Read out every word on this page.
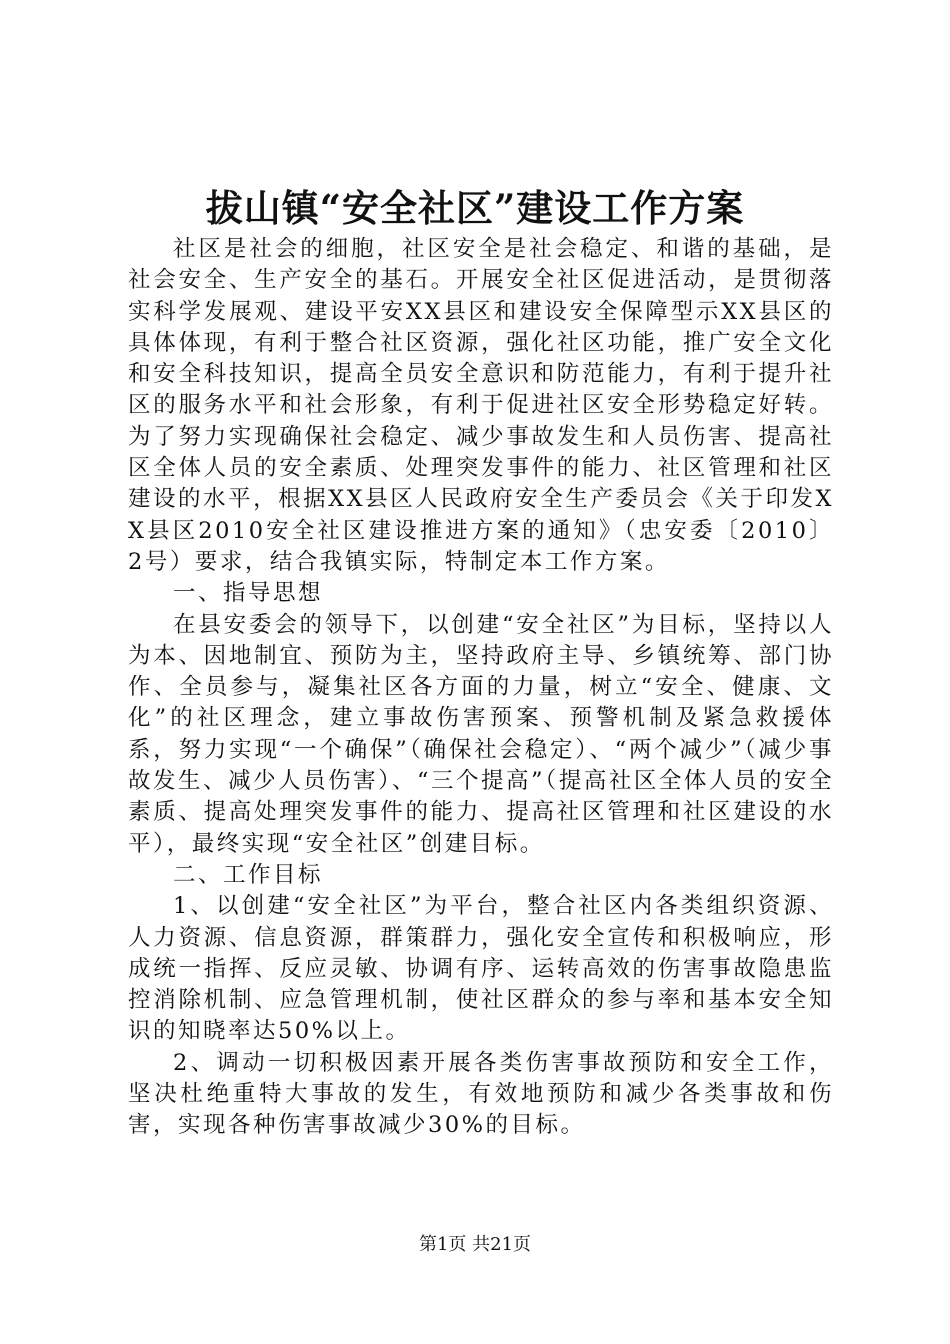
拔山镇“安全社区”建设工作方案

社区是社会的细胞，社区安全是社会稳定、和谐的基础，是社会安全、生产安全的基石。开展安全社区促进活动，是贯彻落实科学发展观、建设平安XX县区和建设安全保障型示XX县区的具体体现，有利于整合社区资源，强化社区功能，推广安全文化和安全科技知识，提高全员安全意识和防范能力，有利于提升社区的服务水平和社会形象，有利于促进社区安全形势稳定好转。为了努力实现确保社会稳定、减少事故发生和人员伤害、提高社区全体人员的安全素质、处理突发事件的能力、社区管理和社区建设的水平，根据XX县区人民政府安全生产委员会《关于印发XX县区2010安全社区建设推进方案的通知》（忠安委〔2010〕2号）要求，结合我镇实际，特制定本工作方案。

一、指导思想

在县安委会的领导下，以创建“安全社区”为目标，坚持以人为本、因地制宜、预防为主，坚持政府主导、乡镇统筹、部门协作、全员参与，凝集社区各方面的力量，树立“安全、健康、文化”的社区理念，建立事故伤害预案、预警机制及紧急救援体系，努力实现“一个确保”（确保社会稳定）、“两个减少”（减少事故发生、减少人员伤害）、“三个提高”（提高社区全体人员的安全素质、提高处理突发事件的能力、提高社区管理和社区建设的水平），最终实现“安全社区”创建目标。

二、工作目标

1、以创建“安全社区”为平台，整合社区内各类组织资源、人力资源、信息资源，群策群力，强化安全宣传和积极响应，形成统一指挥、反应灵敏、协调有序、运转高效的伤害事故隐患监控消除机制、应急管理机制，使社区群众的参与率和基本安全知识的知晓率达50%以上。

2、调动一切积极因素开展各类伤害事故预防和安全工作，坚决杜绝重特大事故的发生，有效地预防和减少各类事故和伤害，实现各种伤害事故减少30%的目标。

第1页 共21页
